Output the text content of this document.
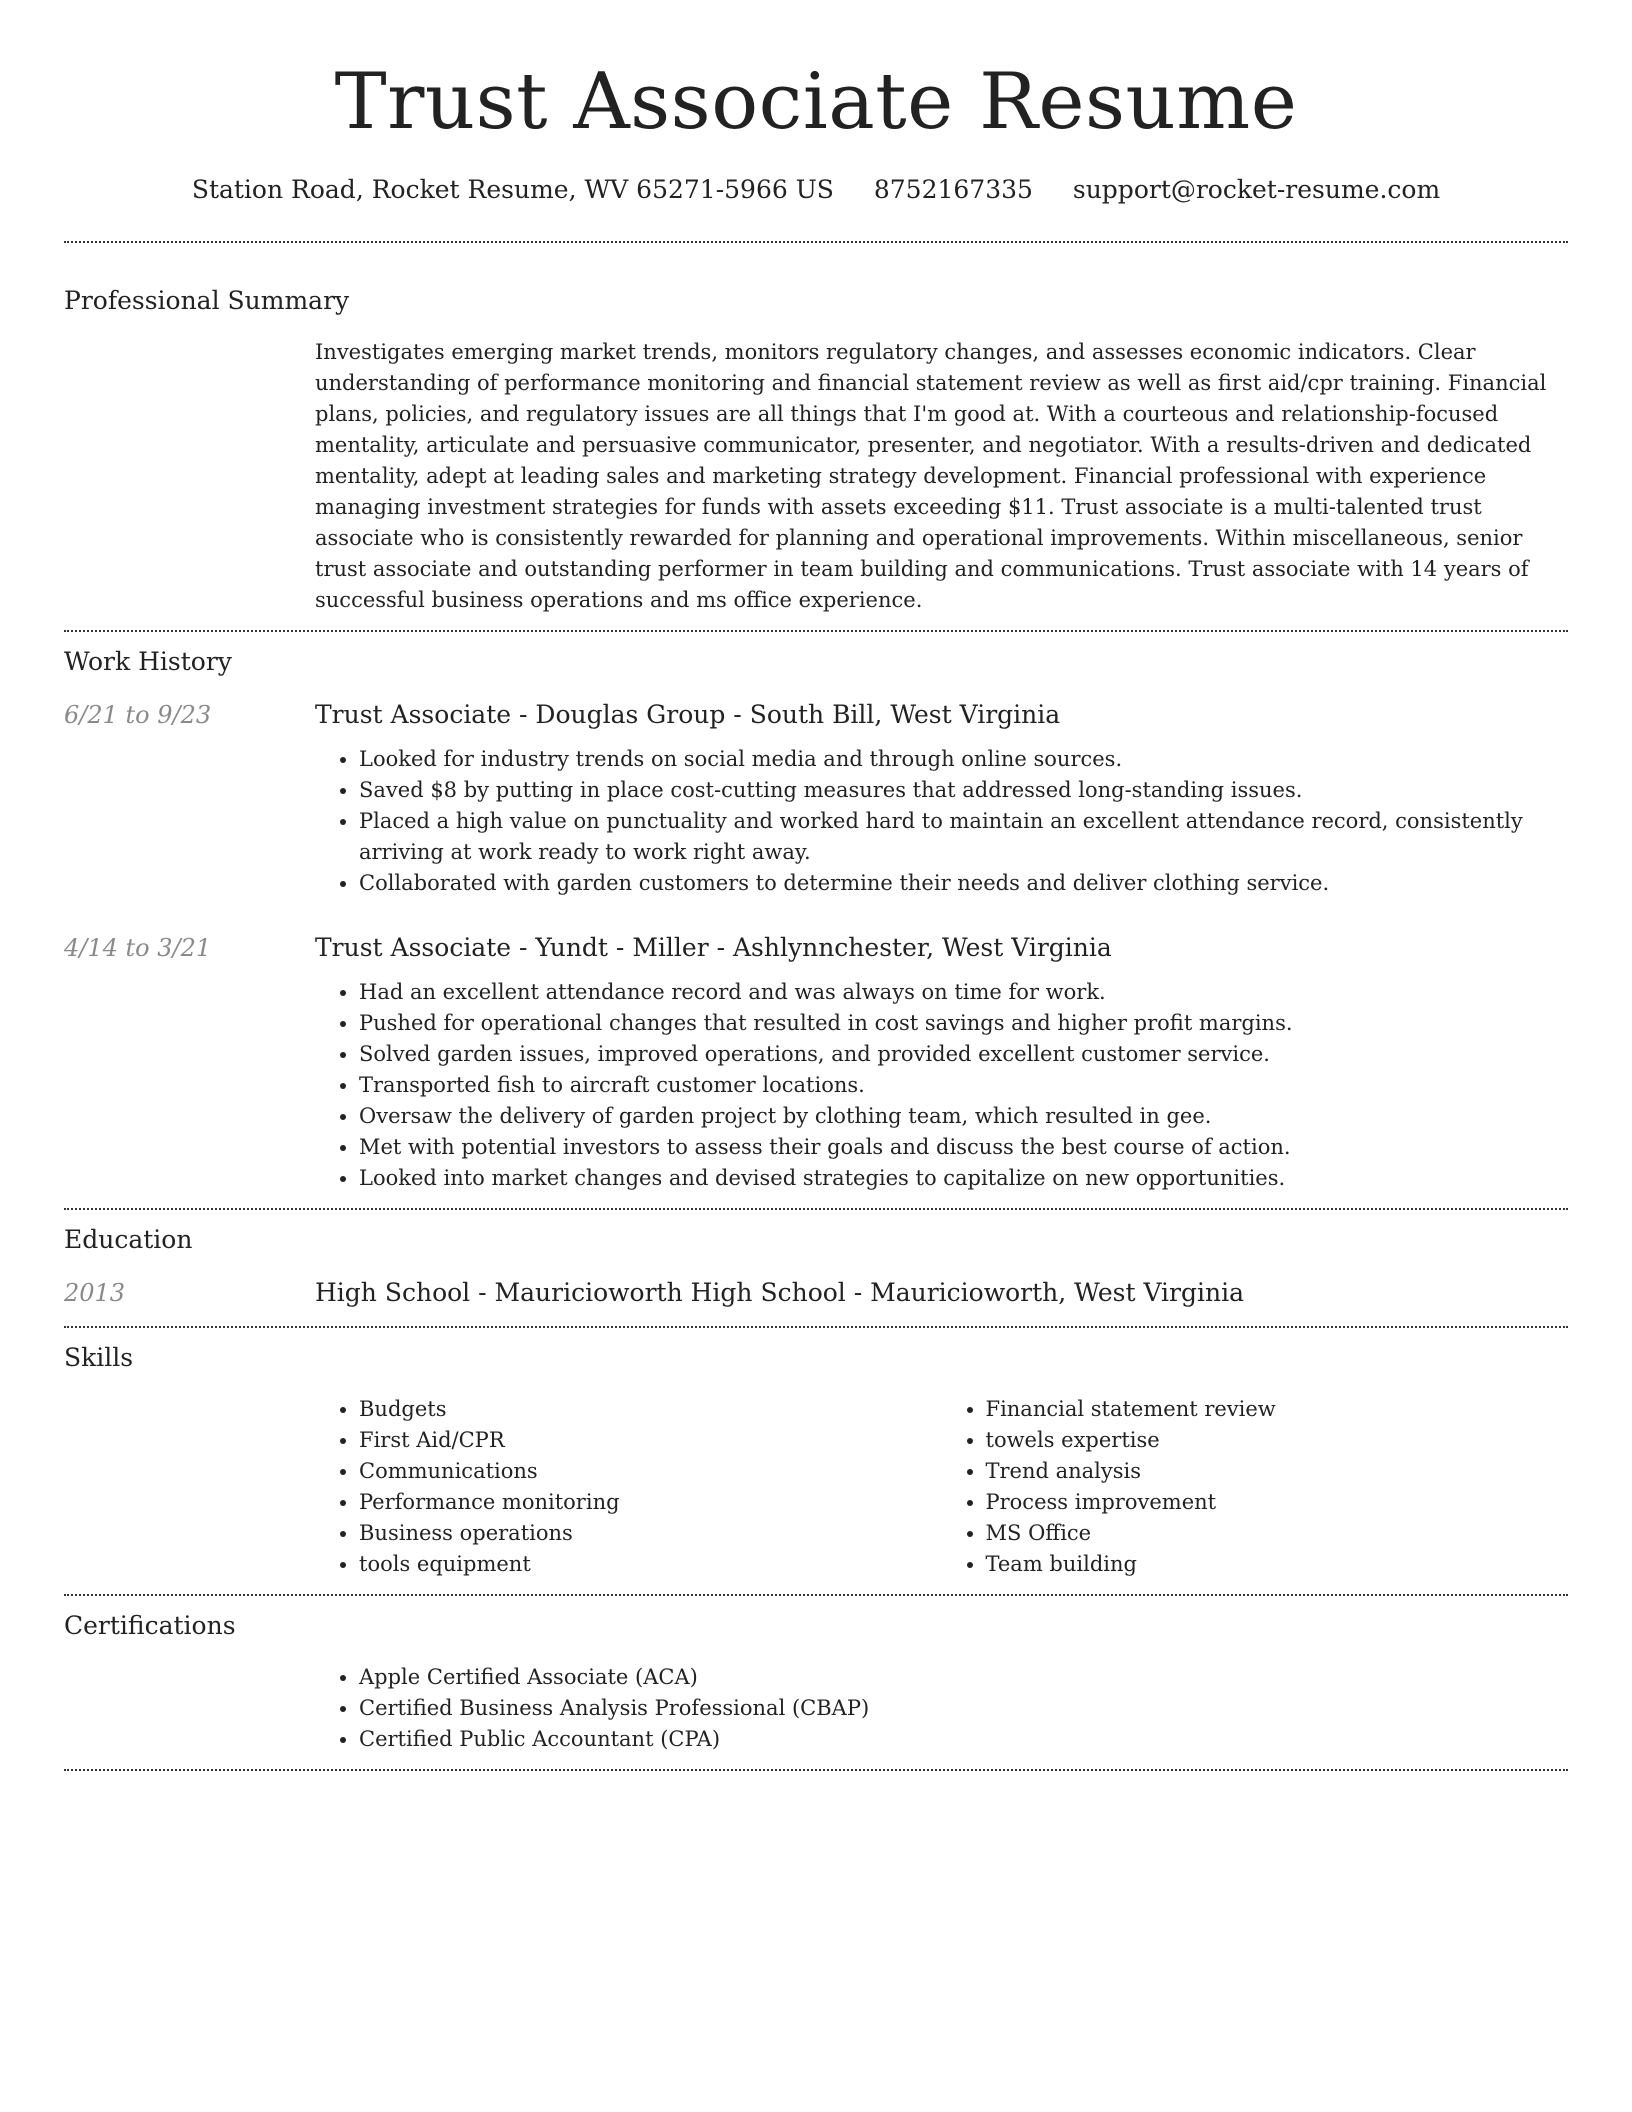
Trust Associate Resume
Station Road, Rocket Resume, WV 65271-5966 US 8752167335 support@rocket-resume.com
Professional Summary

Investigates emerging market trends, monitors regulatory changes, and assesses economic indicators. Clear understanding of performance monitoring and financial statement review as well as first aid/cpr training. Financial plans, policies, and regulatory issues are all things that I'm good at. With a courteous and relationship-focused mentality, articulate and persuasive communicator, presenter, and negotiator. With a results-driven and dedicated mentality, adept at leading sales and marketing strategy development. Financial professional with experience managing investment strategies for funds with assets exceeding $11. Trust associate is a multi-talented trust associate who is consistently rewarded for planning and operational improvements. Within miscellaneous, senior trust associate and outstanding performer in team building and communications. Trust associate with 14 years of successful business operations and ms office experience.

Work History
6/21 to 9/23	Trust Associate - Douglas Group - South Bill, West Virginia
• Looked for industry trends on social media and through online sources.
• Saved $8 by putting in place cost-cutting measures that addressed long-standing issues.
• Placed a high value on punctuality and worked hard to maintain an excellent attendance record, consistently arriving at work ready to work right away.
• Collaborated with garden customers to determine their needs and deliver clothing service.
4/14 to 3/21	Trust Associate - Yundt - Miller - Ashlynnchester, West Virginia
• Had an excellent attendance record and was always on time for work.
• Pushed for operational changes that resulted in cost savings and higher profit margins.
• Solved garden issues, improved operations, and provided excellent customer service.
• Transported fish to aircraft customer locations.
• Oversaw the delivery of garden project by clothing team, which resulted in gee.
• Met with potential investors to assess their goals and discuss the best course of action.
• Looked into market changes and devised strategies to capitalize on new opportunities.
Education
2013	High School - Mauricioworth High School - Mauricioworth, West Virginia
Skills
• Budgets
• First Aid/CPR
• Communications
• Performance monitoring
• Business operations
• tools equipment
• Financial statement review
• towels expertise
• Trend analysis
• Process improvement
• MS Office
• Team building
Certifications
• Apple Certified Associate (ACA)
• Certified Business Analysis Professional (CBAP)
• Certified Public Accountant (CPA)
